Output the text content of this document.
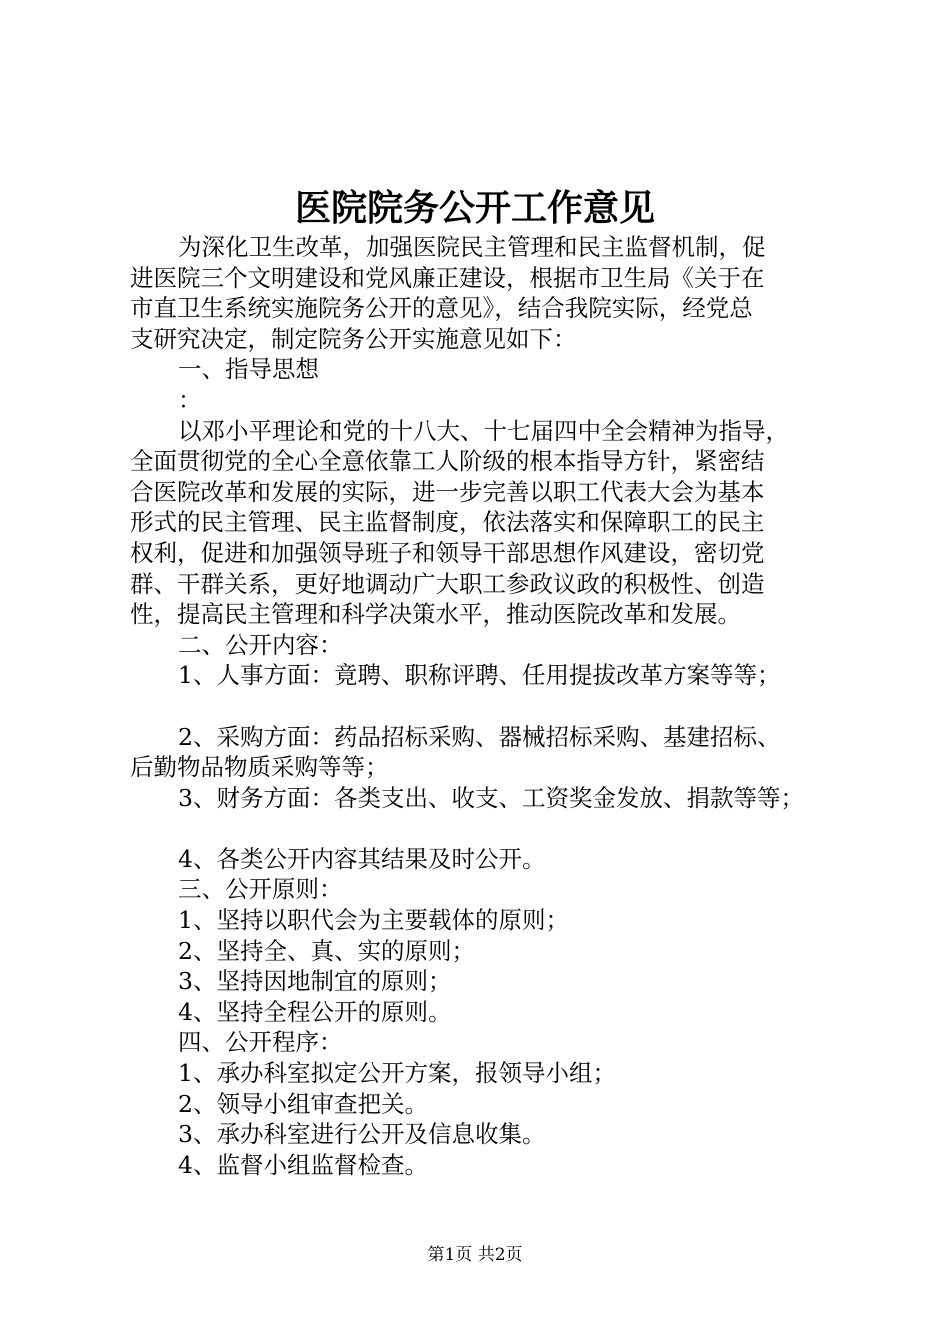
医院院务公开工作意见

为深化卫生改革，加强医院民主管理和民主监督机制，促

进医院三个文明建设和党风廉正建设，根据市卫生局《关于在

市直卫生系统实施院务公开的意见》，结合我院实际，经党总

支研究决定，制定院务公开实施意见如下：

一、指导思想

：

以邓小平理论和党的十八大、十七届四中全会精神为指导，

全面贯彻党的全心全意依靠工人阶级的根本指导方针，紧密结

合医院改革和发展的实际，进一步完善以职工代表大会为基本

形式的民主管理、民主监督制度，依法落实和保障职工的民主

权利，促进和加强领导班子和领导干部思想作风建设，密切党

群、干群关系，更好地调动广大职工参政议政的积极性、创造

性，提高民主管理和科学决策水平，推动医院改革和发展。

二、公开内容：

1、人事方面：竟聘、职称评聘、任用提拔改革方案等等；

2、采购方面：药品招标采购、器械招标采购、基建招标、

后勤物品物质采购等等；

3、财务方面：各类支出、收支、工资奖金发放、捐款等等；

4、各类公开内容其结果及时公开。

三、公开原则：

1、坚持以职代会为主要载体的原则；

2、坚持全、真、实的原则；

3、坚持因地制宜的原则；

4、坚持全程公开的原则。

四、公开程序：

1、承办科室拟定公开方案，报领导小组；

2、领导小组审查把关。

3、承办科室进行公开及信息收集。

4、监督小组监督检查。

第1页 共2页
